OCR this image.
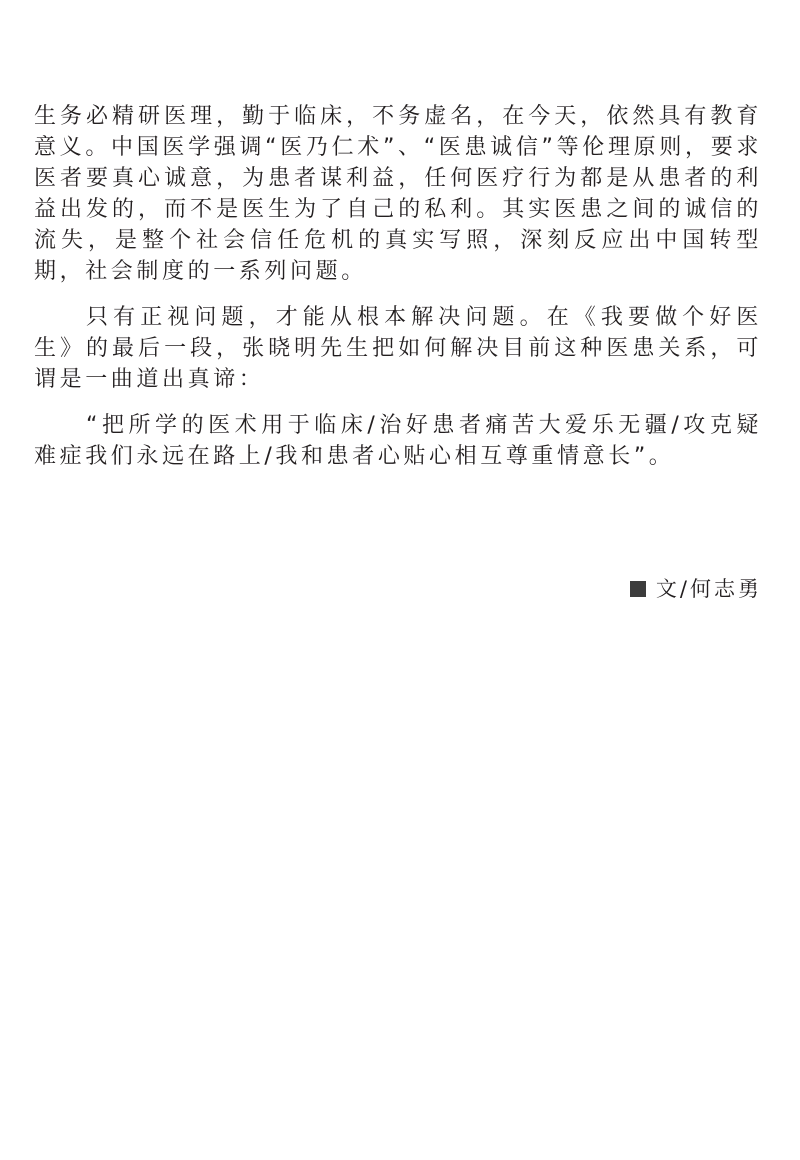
生务必精研医理，勤于临床，不务虚名，在今天，依然具有教育意义。中国医学强调“医乃仁术”、“医患诚信”等伦理原则，要求医者要真心诚意，为患者谋利益，任何医疗行为都是从患者的利益出发的，而不是医生为了自己的私利。其实医患之间的诚信的流失，是整个社会信任危机的真实写照，深刻反应出中国转型期，社会制度的一系列问题。

只有正视问题，才能从根本解决问题。在《我要做个好医生》的最后一段，张晓明先生把如何解决目前这种医患关系，可谓是一曲道出真谛：

“把所学的医术用于临床/治好患者痛苦大爱乐无疆/攻克疑难症我们永远在路上/我和患者心贴心相互尊重情意长”。

文/何志勇
